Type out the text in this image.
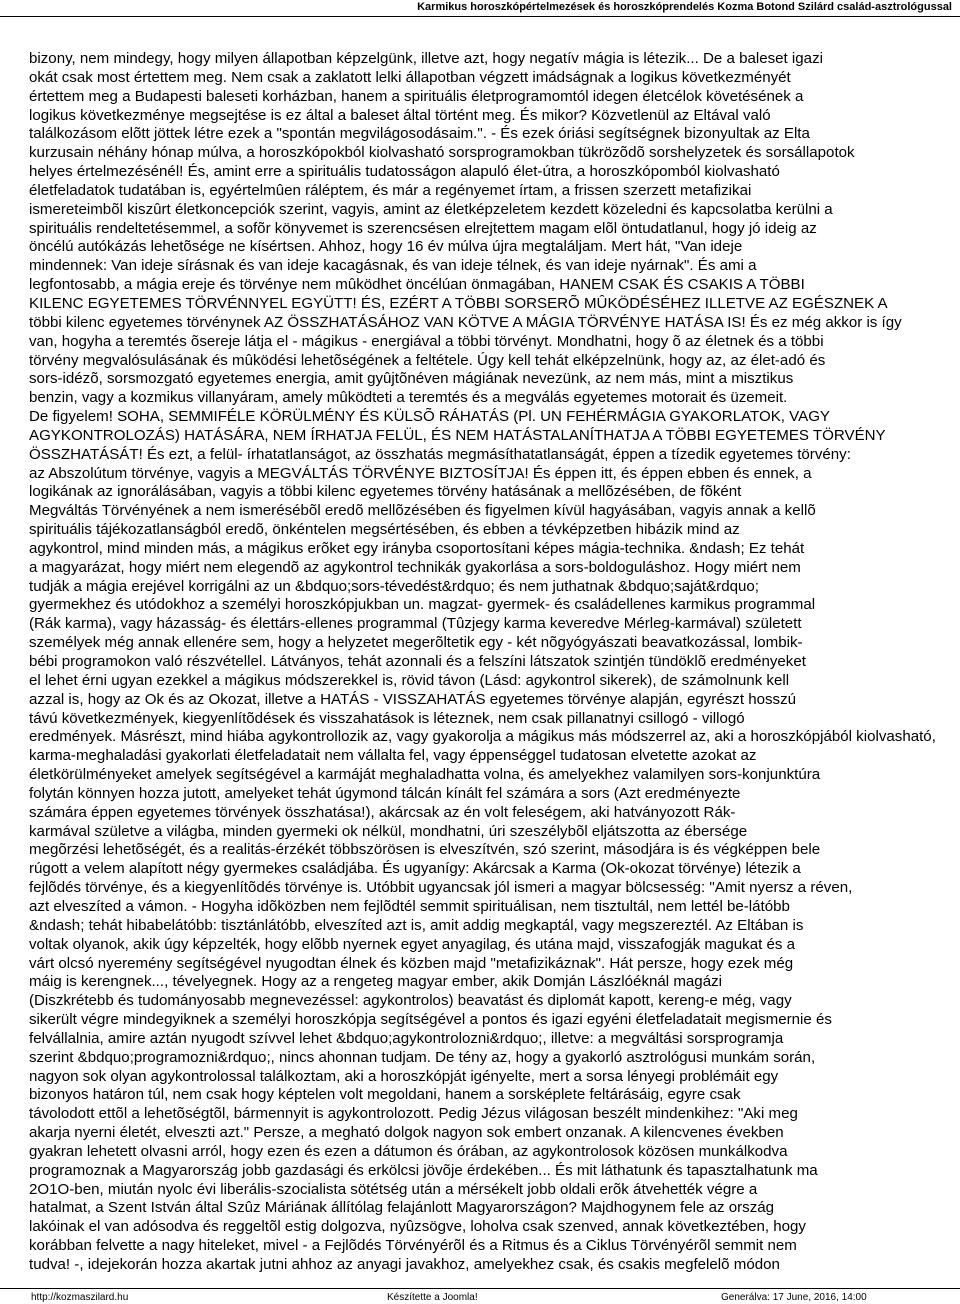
Karmikus horoszkópértelmezések és horoszkóprendelés Kozma Botond Szilárd család-asztrológussal
bizony, nem mindegy, hogy milyen állapotban képzelgünk, illetve azt, hogy negatív mágia is létezik... De a baleset igazi
okát csak most értettem meg. Nem csak a zaklatott lelki állapotban végzett imádságnak a logikus következményét
értettem meg a Budapesti baleseti korházban, hanem a spirituális életprogramomtól idegen életcélok követésének a
logikus következménye megsejtése is ez által a baleset által történt meg. És mikor? Közvetlenül az Eltával való
találkozásom elõtt jöttek létre ezek a "spontán megvilágosodásaim.". - És ezek óriási segítségnek bizonyultak az Elta
kurzusain néhány hónap múlva, a horoszkópokból kiolvasható sorsprogramokban tükrözõdõ sorshelyzetek és sorsállapotok
helyes értelmezésénél! És, amint erre a spirituális tudatosságon alapuló élet-útra, a horoszkópomból kiolvasható
életfeladatok tudatában is, egyértelmûen ráléptem, és már a regényemet írtam, a frissen szerzett metafizikai
ismereteimbõl kiszûrt életkoncepciók szerint, vagyis, amint az életképzeletem kezdett közeledni és kapcsolatba kerülni a
spirituális rendeltetésemmel, a sofõr könyvemet is szerencsésen elrejtettem magam elõl öntudatlanul, hogy jó ideig az
öncélú autókázás lehetõsége ne kísértsen. Ahhoz, hogy 16 év múlva újra megtaláljam. Mert hát, "Van ideje
mindennek: Van ideje sírásnak és van ideje kacagásnak, és van ideje télnek, és van ideje nyárnak". És ami a
legfontosabb, a mágia ereje és törvénye nem mûködhet öncélúan önmagában, HANEM CSAK ÉS CSAKIS A TÖBBI
KILENC EGYETEMES TÖRVÉNNYEL EGYÜTT! ÉS, EZÉRT A TÖBBI SORSERÕ MÛKÖDÉSÉHEZ ILLETVE AZ EGÉSZNEK A
többi kilenc egyetemes törvénynek AZ ÖSSZHATÁSÁHOZ VAN KÖTVE A MÁGIA TÖRVÉNYE HATÁSA IS! És ez még akkor is így
van, hogyha a teremtés õsereje látja el - mágikus - energiával a többi törvényt. Mondhatni, hogy õ az életnek és a többi
törvény megvalósulásának és mûködési lehetõségének a feltétele. Úgy kell tehát elképzelnünk, hogy az, az élet-adó és
sors-idézõ, sorsmozgató egyetemes energia, amit gyûjtõnéven mágiának nevezünk, az nem más, mint a misztikus
benzin, vagy a kozmikus villanyáram, amely mûködteti a teremtés és a megválás egyetemes motorait és üzemeit.
De figyelem! SOHA, SEMMIFÉLE KÖRÜLMÉNY ÉS KÜLSÕ RÁHATÁS (Pl. UN FEHÉRMÁGIA GYAKORLATOK, VAGY
AGYKONTROLOZÁS) HATÁSÁRA, NEM ÍRHATJA FELÜL, ÉS NEM HATÁSTALANÍTHATJA A TÖBBI EGYETEMES TÖRVÉNY
ÖSSZHATÁSÁT! És ezt, a felül- írhatatlanságot, az összhatás megmásíthatatlanságát, éppen a tízedik egyetemes törvény:
az Abszolútum törvénye, vagyis a MEGVÁLTÁS TÖRVÉNYE BIZTOSÍTJA! És éppen itt, és éppen ebben és ennek, a
logikának az ignorálásában, vagyis a többi kilenc egyetemes törvény hatásának a mellõzésében, de fõként
Megváltás Törvényének a nem ismerésébõl eredõ mellõzésében és figyelmen kívül hagyásában, vagyis annak a kellõ
spirituális tájékozatlanságból eredõ, önkéntelen megsértésében, és ebben a tévképzetben hibázik mind az
agykontrol, mind minden más, a mágikus erõket egy irányba csoportosítani képes mágia-technika. &ndash; Ez tehát
a magyarázat, hogy miért nem elegendõ az agykontrol technikák gyakorlása a sors-boldoguláshoz. Hogy miért nem
tudják a mágia erejével korrigálni az un &bdquo;sors-tévedést&rdquo; és nem juthatnak &bdquo;saját&rdquo;
gyermekhez és utódokhoz a személyi horoszkópjukban un. magzat- gyermek- és családellenes karmikus programmal
(Rák karma), vagy házasság- és élettárs-ellenes programmal (Tûzjegy karma keveredve Mérleg-karmával) született
személyek még annak ellenére sem, hogy a helyzetet megerõltetik egy - két nõgyógyászati beavatkozással, lombik-
bébi programokon való részvétellel. Látványos, tehát azonnali és a felszíni látszatok szintjén tündöklõ eredményeket
el lehet érni ugyan ezekkel a mágikus módszerekkel is, rövid távon (Lásd: agykontrol sikerek), de számolnunk kell
azzal is, hogy az Ok és az Okozat, illetve a HATÁS - VISSZAHATÁS egyetemes törvénye alapján, egyrészt hosszú
távú következmények, kiegyenlítõdések és visszahatások is léteznek, nem csak pillanatnyi csillogó - villogó
eredmények. Másrészt, mind hiába agykontrollozik az, vagy gyakorolja a mágikus más módszerrel az, aki a horoszkópjából kiolvasható,
karma-meghaladási gyakorlati életfeladatait nem vállalta fel, vagy éppenséggel tudatosan elvetette azokat az
életkörülményeket amelyek segítségével a karmáját meghaladhatta volna, és amelyekhez valamilyen sors-konjunktúra
folytán könnyen hozza jutott, amelyeket tehát úgymond tálcán kínált fel számára a sors (Azt eredményezte
számára éppen egyetemes törvények összhatása!), akárcsak az én volt feleségem, aki hatványozott Rák-
karmával születve a világba, minden gyermeki ok nélkül, mondhatni, úri szeszélybõl eljátszotta az ébersége
megõrzési lehetõségét, és a realitás-érzékét többszörösen is elveszítvén, szó szerint, másodjára is és végképpen bele
rúgott a velem alapított négy gyermekes családjába. És ugyanígy: Akárcsak a Karma (Ok-okozat törvénye) létezik a
fejlõdés törvénye, és a kiegyenlítõdés törvénye is. Utóbbit ugyancsak jól ismeri a magyar bölcsesség: "Amit nyersz a réven,
azt elveszíted a vámon. - Hogyha idõközben nem fejlõdtél semmit spirituálisan, nem tisztultál, nem lettél be-látóbb
&ndash; tehát hibabelátóbb: tisztánlátóbb, elveszíted azt is, amit addig megkaptál, vagy megszereztél. Az Eltában is
voltak olyanok, akik úgy képzelték, hogy elõbb nyernek egyet anyagilag, és utána majd, visszafogják magukat és a
várt olcsó nyeremény segítségével nyugodtan élnek és közben majd "metafizikáznak". Hát persze, hogy ezek még
máig is kerengnek..., tévelyegnek. Hogy az a rengeteg magyar ember, akik Domján Lászlóéknál magázi
(Diszkrétebb és tudományosabb megnevezéssel: agykontrolos) beavatást és diplomát kapott, kereng-e még, vagy
sikerült végre mindegyiknek a személyi horoszkópja segítségével a pontos és igazi egyéni életfeladatait megismernie és
felvállalnia, amire aztán nyugodt szívvel lehet &bdquo;agykontrolozni&rdquo;, illetve: a megváltási sorsprogramja
szerint &bdquo;programozni&rdquo;, nincs ahonnan tudjam. De tény az, hogy a gyakorló asztrológusi munkám során,
nagyon sok olyan agykontrolossal találkoztam, aki a horoszkópját igényelte, mert a sorsa lényegi problémáit egy
bizonyos határon túl, nem csak hogy képtelen volt megoldani, hanem a sorsképlete feltárásáig, egyre csak
távolodott ettõl a lehetõségtõl, bármennyit is agykontrolozott. Pedig Jézus világosan beszélt mindenkihez: "Aki meg
akarja nyerni életét, elveszti azt." Persze, a megható dolgok nagyon sok embert onzanak. A kilencvenes években
gyakran lehetett olvasni arról, hogy ezen és ezen a dátumon és órában, az agykontrolosok közösen munkálkodva
programoznak a Magyarország jobb gazdasági és erkölcsi jövõje érdekében... És mit láthatunk és tapasztalhatunk ma
2O1O-ben, miután nyolc évi liberális-szocialista sötétség után a mérsékelt jobb oldali erõk átvehették végre a
hatalmat, a Szent István által Szûz Máriának állítólag felajánlott Magyarországon? Majdhogynem fele az ország
lakóinak el van adósodva és reggeltõl estig dolgozva, nyûzsögve, loholva csak szenved, annak következtében, hogy
korábban felvette a nagy hiteleket, mivel - a Fejlõdés Törvényérõl és a Ritmus és a Ciklus Törvényérõl semmit nem
tudva! -, idejekorán hozza akartak jutni ahhoz az anyagi javakhoz, amelyekhez csak, és csakis megfelelõ módon
http://kozmaszilard.hu	Készítette a Joomla!	Generálva: 17 June, 2016, 14:00
